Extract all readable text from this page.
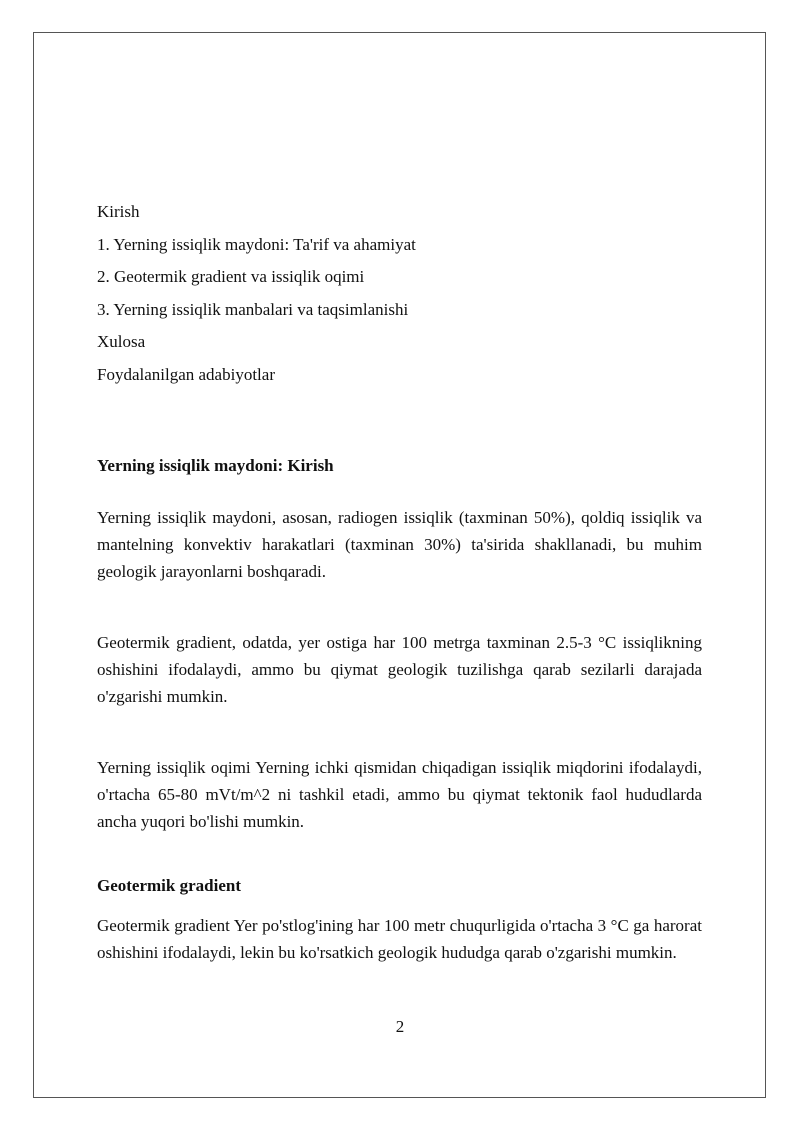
Kirish

1. Yerning issiqlik maydoni: Ta'rif va ahamiyat

2. Geotermik gradient va issiqlik oqimi

3. Yerning issiqlik manbalari va taqsimlanishi

Xulosa

Foydalanilgan adabiyotlar

Yerning issiqlik maydoni: Kirish

Yerning issiqlik maydoni, asosan, radiogen issiqlik (taxminan 50%), qoldiq issiqlik va mantelning konvektiv harakatlari (taxminan 30%) ta'sirida shakllanadi, bu muhim geologik jarayonlarni boshqaradi.

Geotermik gradient, odatda, yer ostiga har 100 metrga taxminan 2.5-3 °C issiqlikning oshishini ifodalaydi, ammo bu qiymat geologik tuzilishga qarab sezilarli darajada o'zgarishi mumkin.

Yerning issiqlik oqimi Yerning ichki qismidan chiqadigan issiqlik miqdorini ifodalaydi, o'rtacha 65-80 mVt/m^2 ni tashkil etadi, ammo bu qiymat tektonik faol hududlarda ancha yuqori bo'lishi mumkin.

Geotermik gradient

Geotermik gradient Yer po'stlog'ining har 100 metr chuqurligida o'rtacha 3 °C ga harorat oshishini ifodalaydi, lekin bu ko'rsatkich geologik hududga qarab o'zgarishi mumkin.

2
